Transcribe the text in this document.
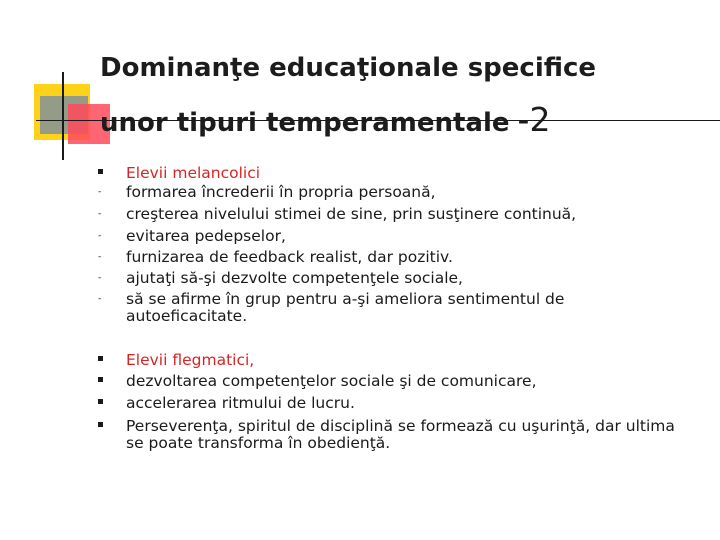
Dominanţe educaţionale specifice
unor tipuri temperamentale -2
Elevii melancolici
-	formarea încrederii în propria persoană,
-	creşterea nivelului stimei de sine, prin susţinere continuă,
-	evitarea pedepselor,
-	furnizarea de feedback realist, dar pozitiv.
-	ajutaţi să-şi dezvolte competenţele sociale,
-	să se afirme în grup pentru a-şi ameliora sentimentul de
autoeficacitate.
Elevii flegmatici,
dezvoltarea competenţelor sociale şi de comunicare,
accelerarea ritmului de lucru.
Perseverenţa, spiritul de disciplină se formează cu uşurinţă, dar ultima
se poate transforma în obedienţă.
